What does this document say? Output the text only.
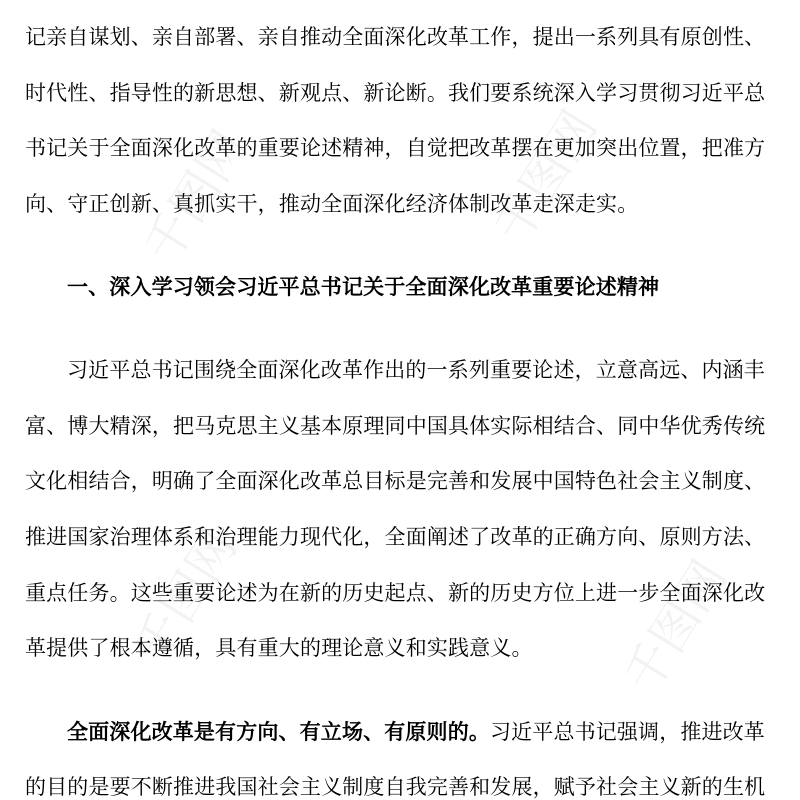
千图网	千图网
千图网	千图网
记亲自谋划、亲自部署、亲自推动全面深化改革工作，提出一系列具有原创性、
时代性、指导性的新思想、新观点、新论断。我们要系统深入学习贯彻习近平总
书记关于全面深化改革的重要论述精神，自觉把改革摆在更加突出位置，把准方
向、守正创新、真抓实干，推动全面深化经济体制改革走深走实。
一、深入学习领会习近平总书记关于全面深化改革重要论述精神
习近平总书记围绕全面深化改革作出的一系列重要论述，立意高远、内涵丰
富、博大精深，把马克思主义基本原理同中国具体实际相结合、同中华优秀传统
文化相结合，明确了全面深化改革总目标是完善和发展中国特色社会主义制度、
推进国家治理体系和治理能力现代化，全面阐述了改革的正确方向、原则方法、
重点任务。这些重要论述为在新的历史起点、新的历史方位上进一步全面深化改
革提供了根本遵循，具有重大的理论意义和实践意义。
全面深化改革是有方向、有立场、有原则的。习近平总书记强调，推进改革
的目的是要不断推进我国社会主义制度自我完善和发展，赋予社会主义新的生机
